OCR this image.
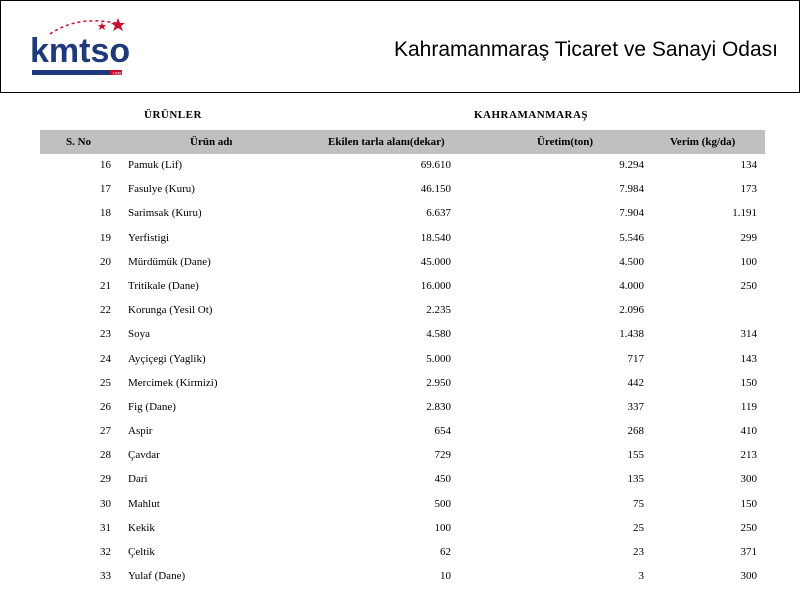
kmtso
1936
Kahramanmaraş Ticaret ve Sanayi Odası
ÜRÜNLER	KAHRAMANMARAŞ
S. No	Ürün adı	Ekilen tarla alanı(dekar)	Üretim(ton)	Verim (kg/da)
16 Pamuk (Lif)	69.610	9.294	134
17 Fasulye (Kuru)	46.150	7.984	173
18 Sarimsak (Kuru)	6.637	7.904	1.191
19 Yerfistigi	18.540	5.546	299
20 Mürdümük (Dane)	45.000	4.500	100
21 Tritikale (Dane)	16.000	4.000	250
22 Korunga (Yesil Ot)	2.235	2.096
23 Soya	4.580	1.438	314
24 Ayçiçegi (Yaglik)	5.000	717	143
25 Mercimek (Kirmizi)	2.950	442	150
26 Fig (Dane)	2.830	337	119
27 Aspir	654	268	410
28 Çavdar	729	155	213
29 Dari	450	135	300
30 Mahlut	500	75	150
31 Kekik	100	25	250
32 Çeltik	62	23	371
33 Yulaf (Dane)	10	3	300
